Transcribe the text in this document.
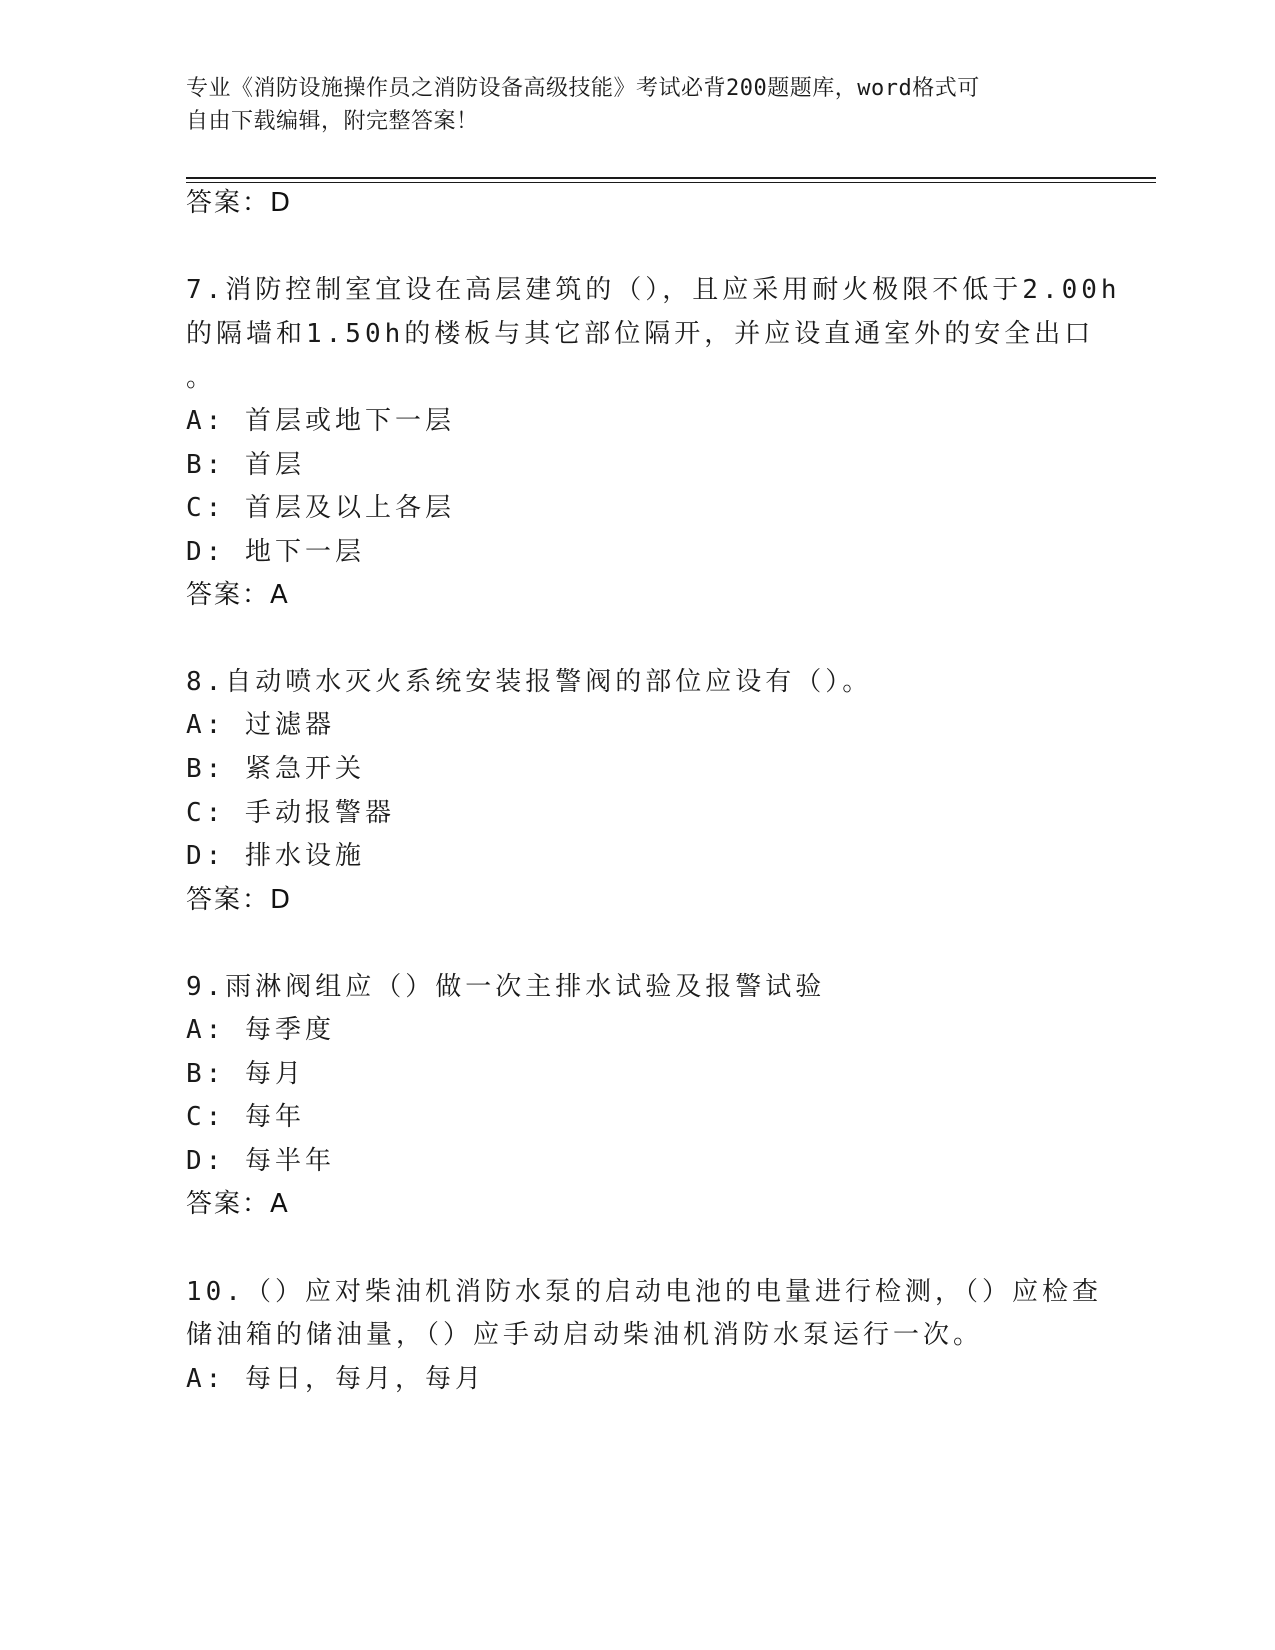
专业《消防设施操作员之消防设备高级技能》考试必背200题题库，word格式可
自由下载编辑，附完整答案！
答案：D
7.消防控制室宜设在高层建筑的（），且应采用耐火极限不低于2.00h
的隔墙和1.50h的楼板与其它部位隔开，并应设直通室外的安全出口
。
A: 首层或地下一层
B: 首层
C: 首层及以上各层
D: 地下一层
答案：A
8.自动喷水灭火系统安装报警阀的部位应设有（）。
A: 过滤器
B: 紧急开关
C: 手动报警器
D: 排水设施
答案：D
9.雨淋阀组应（）做一次主排水试验及报警试验
A: 每季度
B: 每月
C: 每年
D: 每半年
答案：A
10.（）应对柴油机消防水泵的启动电池的电量进行检测，（）应检查
储油箱的储油量，（）应手动启动柴油机消防水泵运行一次。
A: 每日，每月，每月
